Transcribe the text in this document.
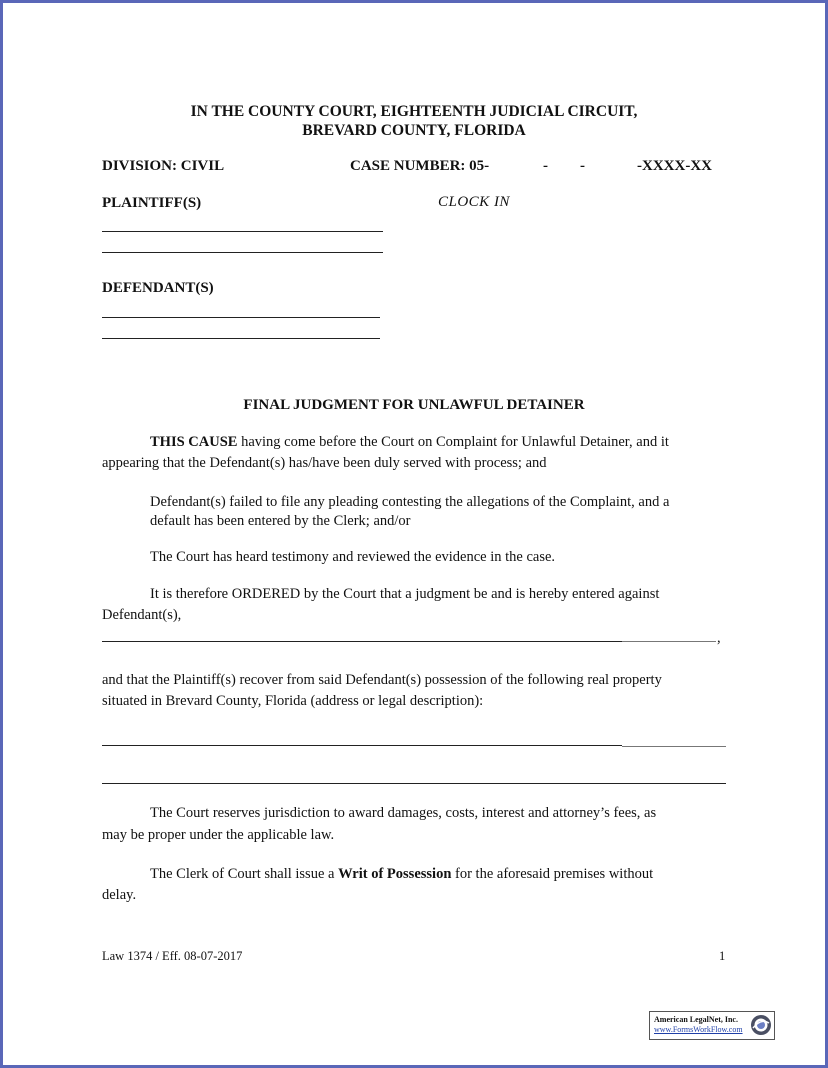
IN THE COUNTY COURT, EIGHTEENTH JUDICIAL CIRCUIT,
BREVARD COUNTY, FLORIDA
DIVISION: CIVIL	CASE NUMBER: 05-	- -	-XXXX-XX
PLAINTIFF(S)	CLOCK IN
DEFENDANT(S)
FINAL JUDGMENT FOR UNLAWFUL DETAINER
THIS CAUSE having come before the Court on Complaint for Unlawful Detainer, and it
appearing that the Defendant(s) has/have been duly served with process; and
Defendant(s) failed to file any pleading contesting the allegations of the Complaint, and a
default has been entered by the Clerk; and/or
The Court has heard testimony and reviewed the evidence in the case.
It is therefore ORDERED by the Court that a judgment be and is hereby entered against
Defendant(s),
,
and that the Plaintiff(s) recover from said Defendant(s) possession of the following real property
situated in Brevard County, Florida (address or legal description):
The Court reserves jurisdiction to award damages, costs, interest and attorney’s fees, as
may be proper under the applicable law.
The Clerk of Court shall issue a Writ of Possession for the aforesaid premises without
delay.
Law 1374 / Eff. 08-07-2017	1
American LegalNet, Inc.
www.FormsWorkFlow.com
